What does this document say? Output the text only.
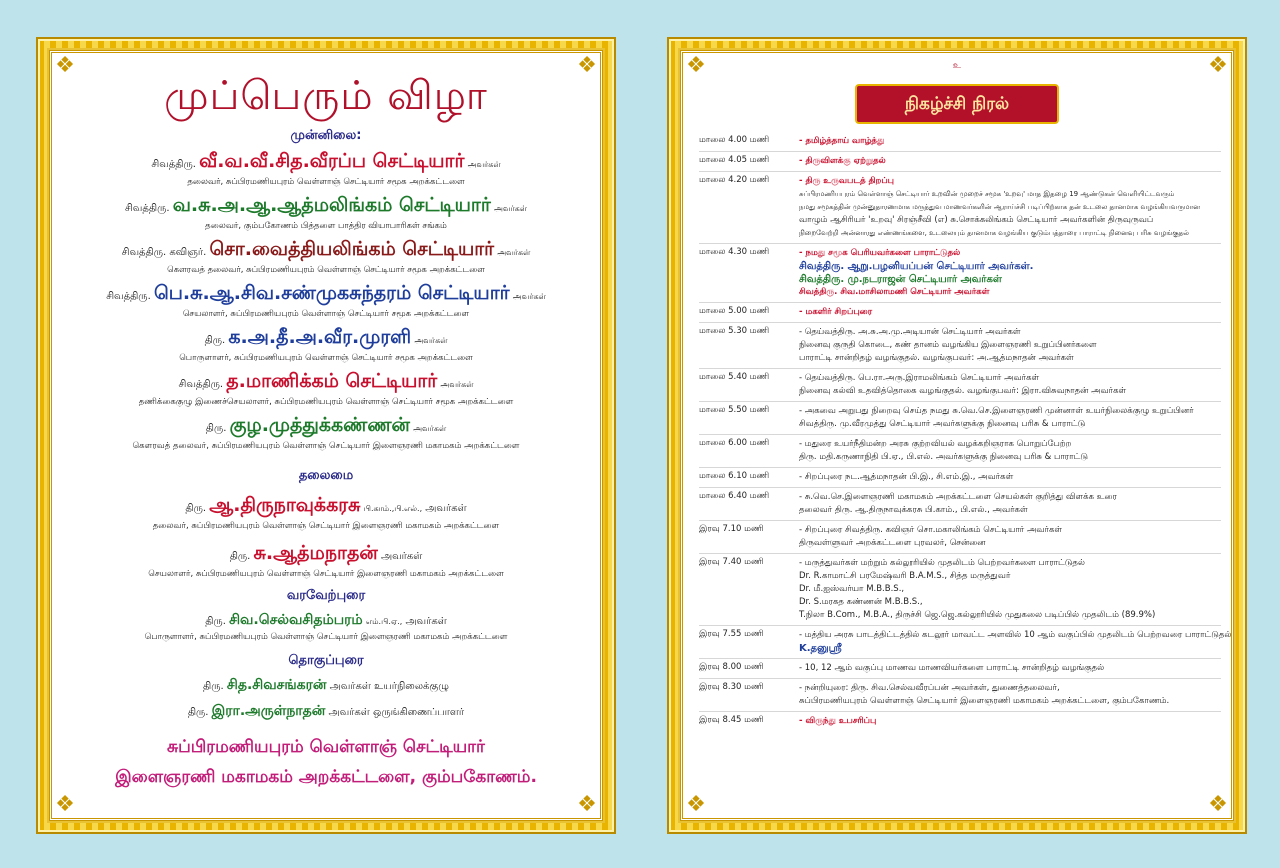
❖	❖
❖	❖
முப்பெரும் விழா
முன்னிலை:
சிவத்திரு. வீ.வ.வீ.சித.வீரப்ப செட்டியார் அவர்கள்
தலைவர், சுப்பிரமணியபுரம் வெள்ளாஞ் செட்டியார் சமூக அறக்கட்டளை
சிவத்திரு. வ.சு.அ.ஆ.ஆத்மலிங்கம் செட்டியார் அவர்கள்
தலைவர், கும்பகோணம் பித்தளை பாத்திர வியாபாரிகள் சங்கம்
சிவத்திரு. கவிஞர். சொ.வைத்தியலிங்கம் செட்டியார் அவர்கள்
கௌரவத் தலைவர், சுப்பிரமணியபுரம் வெள்ளாஞ் செட்டியார் சமூக அறக்கட்டளை
சிவத்திரு. பெ.சு.ஆ.சிவ.சண்முகசுந்தரம் செட்டியார் அவர்கள்
செயலாளர், சுப்பிரமணியபுரம் வெள்ளாஞ் செட்டியார் சமூக அறக்கட்டளை
திரு. க.அ.தீ.அ.வீர.முரளி அவர்கள்
பொருளாளர், சுப்பிரமணியபுரம் வெள்ளாஞ் செட்டியார் சமூக அறக்கட்டளை
சிவத்திரு. த.மாணிக்கம் செட்டியார் அவர்கள்
தணிக்கைகுழு இணைச்செயலாளர், சுப்பிரமணியபுரம் வெள்ளாஞ் செட்டியார் சமூக அறக்கட்டளை
திரு. குழ.முத்துக்கண்ணன் அவர்கள்
கௌரவத் தலைவர், சுப்பிரமணியபுரம் வெள்ளாஞ் செட்டியார் இளைஞரணி மகாமகம் அறக்கட்டளை
தலைமை
திரு. ஆ.திருநாவுக்கரசு பி.காம்.,பி.எல்., அவர்கள்
தலைவர், சுப்பிரமணியபுரம் வெள்ளாஞ் செட்டியார் இளைஞரணி மகாமகம் அறக்கட்டளை
திரு. சு.ஆத்மநாதன் அவர்கள்
செயலாளர், சுப்பிரமணியபுரம் வெள்ளாஞ் செட்டியார் இளைஞரணி மகாமகம் அறக்கட்டளை
வரவேற்புரை
திரு. சிவ.செல்வசிதம்பரம் எம்.பி.ஏ., அவர்கள்
பொருளாளர், சுப்பிரமணியபுரம் வெள்ளாஞ் செட்டியார் இளைஞரணி மகாமகம் அறக்கட்டளை
தொகுப்புரை
திரு. சித.சிவசங்கரன் அவர்கள் உயர்நிலைக்குழு
திரு. இரா.அருள்நாதன் அவர்கள் ஒருங்கிணைப்பாளர்
சுப்பிரமணியபுரம் வெள்ளாஞ் செட்டியார்
இளைஞரணி மகாமகம் அறக்கட்டளை, கும்பகோணம்.
❖	❖
❖	❖
உ
நிகழ்ச்சி நிரல்
மாலை 4.00 மணி	- தமிழ்த்தாய் வாழ்த்து
மாலை 4.05 மணி	- திருவிளக்கு ஏற்றுதல்
மாலை 4.20 மணி	- திரு உருவபடத் திறப்பு
சுப்பிரமணியபுரம் வெள்ளாஞ் செட்டியார் உறவின் முறைச் சமூக 'உறவு' மாத இதழை 19 ஆண்டுகள் வெளியிட்டவரும்
நமது சமூகத்தின் முன்னுதாரணமாக மருத்துவ மாணவர்களின் ஆராய்ச்சி படிப்பிற்காக தன் உடலை தானமாக வழங்கியவருமான
வாழும் ஆசிரியர் 'உறவு' சிரஞ்சீவி (எ) சு.சொக்கலிங்கம் செட்டியார் அவர்களின் திருவுருவப்
நிறைவேற்றி அன்னாரது எண்ணங்களை, உடலையும் தானமாக வழங்கிய குடும்பத்தாரை பாராட்டி நினைவு பரிசு வழங்குதல்
மாலை 4.30 மணி	- நமது சமூக பெரியவர்களை பாராட்டுதல்
சிவத்திரு. ஆறு.பழனியப்பன் செட்டியார் அவர்கள்.
சிவத்திரு. மு.நடராஜன் செட்டியார் அவர்கள்
சிவத்திரு. சிவ.மாசிலாமணி செட்டியார் அவர்கள்
மாலை 5.00 மணி	- மகளிர் சிறப்புரை
மாலை 5.30 மணி	- தெய்வத்திரு. அ.சு.அ.மு.அடியான் செட்டியார் அவர்கள்
நினைவு குருதி கொடை, கண் தானம் வழங்கிய இளைஞரணி உறுப்பினர்களை
பாராட்டி சான்றிதழ் வழங்குதல். வழங்குபவர்: அ.ஆத்மநாதன் அவர்கள்
மாலை 5.40 மணி	- தெய்வத்திரு. பெ.ரா.அரு.இராமலிங்கம் செட்டியார் அவர்கள்
நினைவு கல்வி உதவித்தொகை வழங்குதல். வழங்குபவர்: இரா.விசுவநாதன் அவர்கள்
மாலை 5.50 மணி	- அகவை அறுபது நிறைவு செய்த நமது சு.வெ.செ.இளைஞரணி முன்னாள் உயர்நிலைக்குழு உறுப்பினர்
சிவத்திரு. மு.வீரமுத்து செட்டியார் அவர்களுக்கு நினைவு பரிசு & பாராட்டு
மாலை 6.00 மணி	- மதுரை உயர்நீதிமன்ற அரசு குற்றவியல் வழக்கறிஞராக பொறுப்பேற்ற
திரு. மதி.கருணாநிதி பி.ஏ., பி.எல். அவர்களுக்கு நினைவு பரிசு & பாராட்டு
மாலை 6.10 மணி	- சிறப்புரை நட.ஆத்மநாதன் பி.இ., சி.எம்.இ., அவர்கள்
மாலை 6.40 மணி	- சு.வெ.செ.இளைஞரணி மகாமகம் அறக்கட்டளை செயல்கள் குறித்து விளக்க உரை
தலைவர் திரு. ஆ.திருநாவுக்கரசு பி.காம்., பி.எல்., அவர்கள்
இரவு 7.10 மணி	- சிறப்புரை சிவத்திரு. கவிஞர் சொ.மகாலிங்கம் செட்டியார் அவர்கள்
திருவள்ளுவர் அறக்கட்டளை புரவலர், சென்னை
இரவு 7.40 மணி	- மருத்துவர்கள் மற்றும் கல்லூரியில் முதலிடம் பெற்றவர்களை பாராட்டுதல்
Dr. R.காமாட்சி பரமேஷ்வரி B.A.M.S., சித்த மருத்துவர்
Dr. மீ.ஐஸ்வர்யா M.B.B.S.,
Dr. S.மரகத கண்ணன் M.B.B.S.,
T.நிலா B.Com., M.B.A., திருச்சி ஜெ.ஜெ.கல்லூரியில் முதுகலை படிப்பில் முதலிடம் (89.9%)
இரவு 7.55 மணி	- மத்திய அரசு பாடத்திட்டத்தில் கடலூர் மாவட்ட அளவில் 10 ஆம் வகுப்பில் முதலிடம் பெற்றவரை பாராட்டுதல்
K.தனுஸ்ரீ
இரவு 8.00 மணி	- 10, 12 ஆம் வகுப்பு மாணவ மாணவியர்களை பாராட்டி சான்றிதழ் வழங்குதல்
இரவு 8.30 மணி	- நன்றியுரை: திரு. சிவ.செல்வவீரப்பன் அவர்கள், துணைத்தலைவர்,
சுப்பிரமணியபுரம் வெள்ளாஞ் செட்டியார் இளைஞரணி மகாமகம் அறக்கட்டளை, கும்பகோணம்.
இரவு 8.45 மணி	- விருந்து உபசரிப்பு
